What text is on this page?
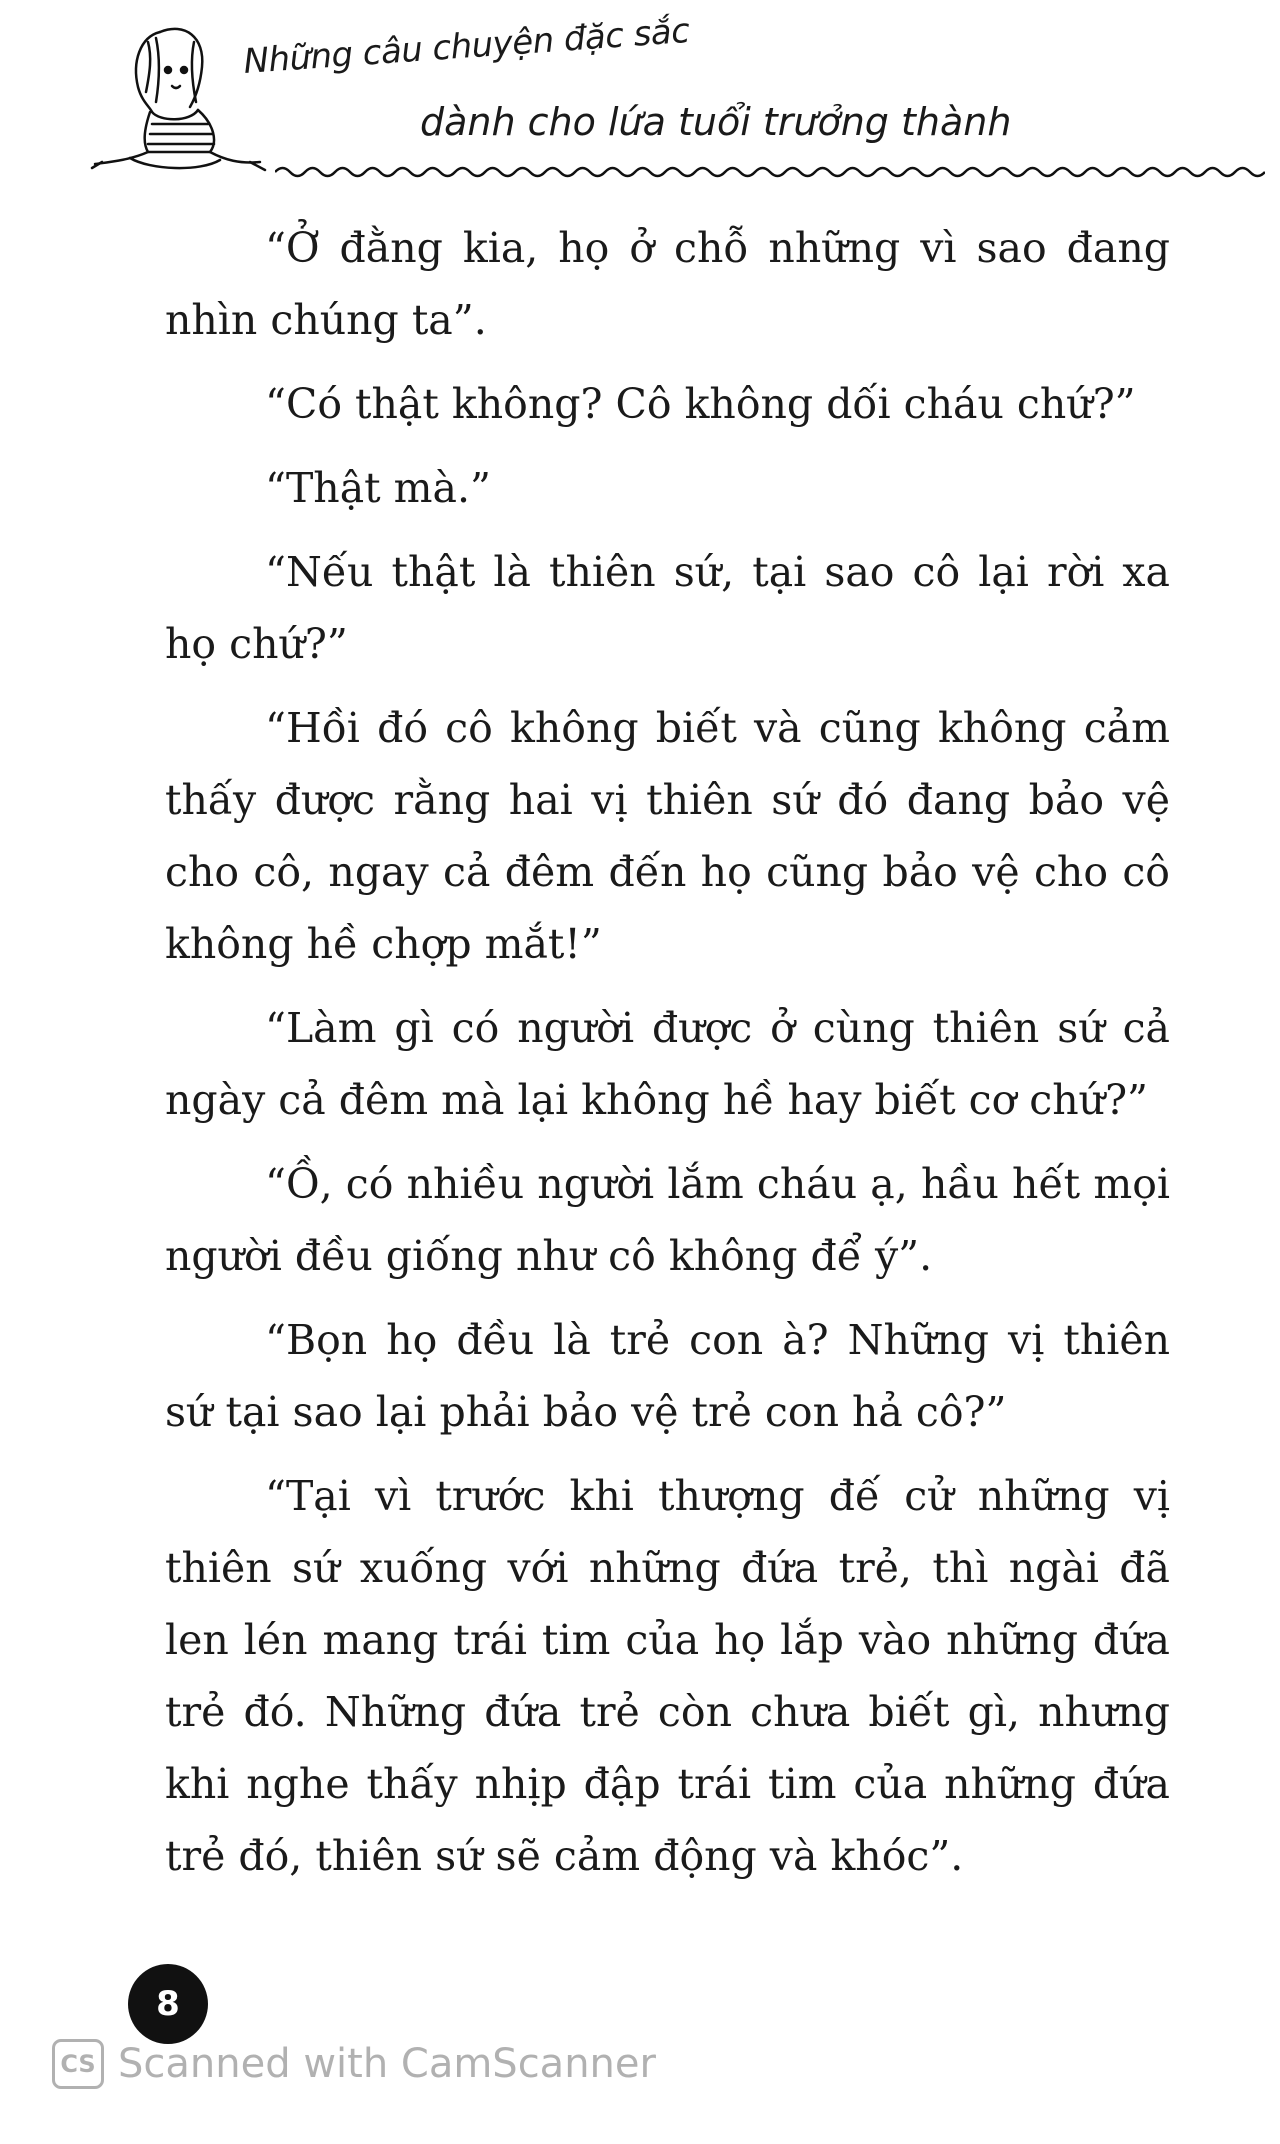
Những câu chuyện đặc sắc
dành cho lứa tuổi trưởng thành

“Ở đằng kia, họ ở chỗ những vì sao đang nhìn chúng ta”.

“Có thật không? Cô không dối cháu chứ?”

“Thật mà.”

“Nếu thật là thiên sứ, tại sao cô lại rời xa họ chứ?”

“Hồi đó cô không biết và cũng không cảm thấy được rằng hai vị thiên sứ đó đang bảo vệ cho cô, ngay cả đêm đến họ cũng bảo vệ cho cô không hề chợp mắt!”

“Làm gì có người được ở cùng thiên sứ cả ngày cả đêm mà lại không hề hay biết cơ chứ?”

“Ồ, có nhiều người lắm cháu ạ, hầu hết mọi người đều giống như cô không để ý”.

“Bọn họ đều là trẻ con à? Những vị thiên sứ tại sao lại phải bảo vệ trẻ con hả cô?”

“Tại vì trước khi thượng đế cử những vị thiên sứ xuống với những đứa trẻ, thì ngài đã len lén mang trái tim của họ lắp vào những đứa trẻ đó. Những đứa trẻ còn chưa biết gì, nhưng khi nghe thấy nhịp đập trái tim của những đứa trẻ đó, thiên sứ sẽ cảm động và khóc”.

8
CS Scanned with CamScanner
